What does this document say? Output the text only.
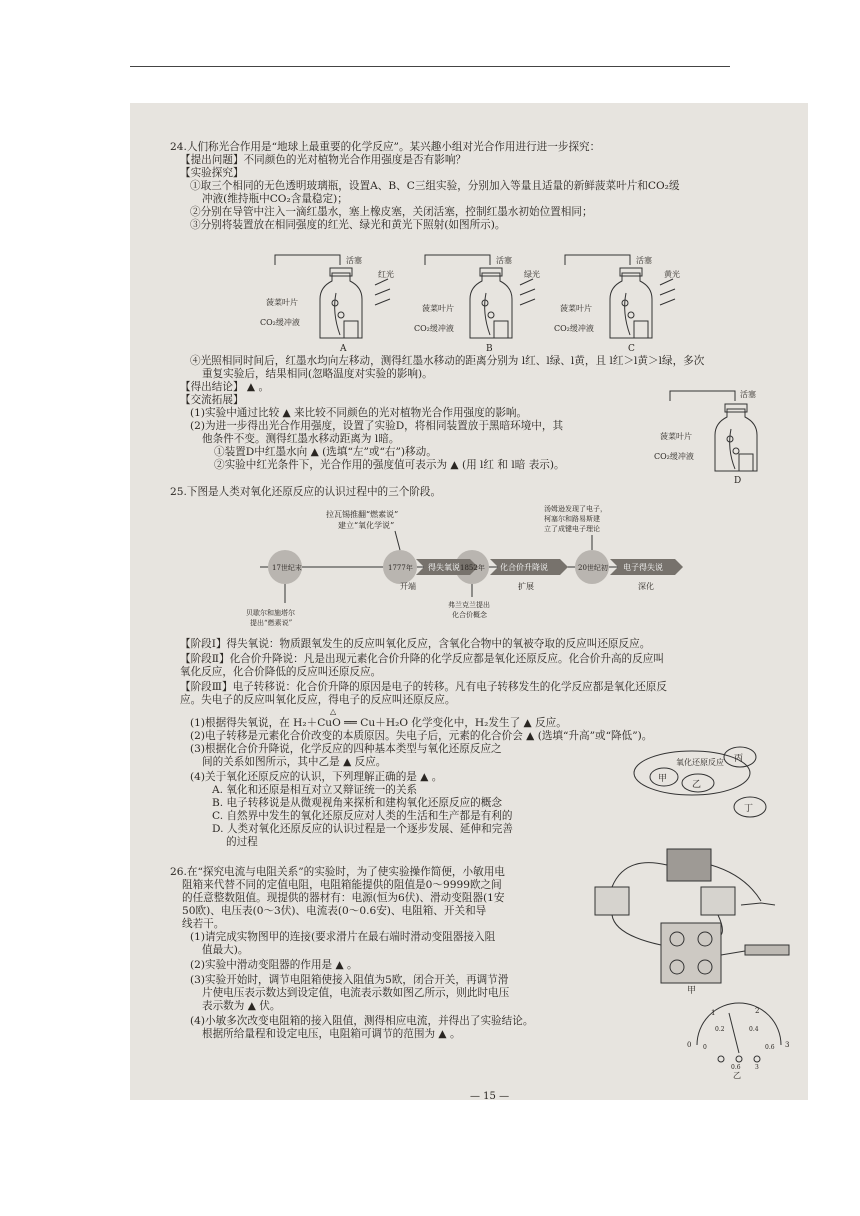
24.人们称光合作用是“地球上最重要的化学反应”。某兴趣小组对光合作用进行进一步探究：
【提出问题】不同颜色的光对植物光合作用强度是否有影响？
【实验探究】
①取三个相同的无色透明玻璃瓶，设置A、B、C三组实验，分别加入等量且适量的新鲜菠菜叶片和CO₂缓
冲液(维持瓶中CO₂含量稳定)；
②分别在导管中注入一滴红墨水，塞上橡皮塞，关闭活塞，控制红墨水初始位置相同；
③分别将装置放在相同强度的红光、绿光和黄光下照射(如图所示)。
活塞
红光
菠菜叶片
CO₂缓冲液
A
活塞
绿光
菠菜叶片
CO₂缓冲液
B
活塞
黄光
菠菜叶片
CO₂缓冲液
C
④光照相同时间后，红墨水均向左移动，测得红墨水移动的距离分别为 l红、l绿、l黄，且 l红＞l黄＞l绿，多次
重复实验后，结果相同(忽略温度对实验的影响)。
【得出结论】 ▲ 。
【交流拓展】
(1)实验中通过比较 ▲ 来比较不同颜色的光对植物光合作用强度的影响。
(2)为进一步得出光合作用强度，设置了实验D，将相同装置放于黑暗环境中，其
他条件不变。测得红墨水移动距离为 l暗。
①装置D中红墨水向 ▲ (选填“左”或“右”)移动。
②实验中红光条件下，光合作用的强度值可表示为 ▲ (用 l红 和 l暗 表示)。
活塞
菠菜叶片
CO₂缓冲液
D
25.下图是人类对氧化还原反应的认识过程中的三个阶段。
17世纪末	1777年	1852年	20世纪初
得失氧说	化合价升降说	电子得失说
开端	扩展	深化
拉瓦锡推翻“燃素说”
建立“氧化学说”
汤姆逊发现了电子，
柯塞尔和路易斯建
立了成键电子理论
贝歇尔和施塔尔
提出“燃素说”
弗兰克兰提出
化合价概念
【阶段Ⅰ】得失氧说：物质跟氧发生的反应叫氧化反应，含氧化合物中的氧被夺取的反应叫还原反应。
【阶段Ⅱ】化合价升降说：凡是出现元素化合价升降的化学反应都是氧化还原反应。化合价升高的反应叫
氧化反应，化合价降低的反应叫还原反应。
【阶段Ⅲ】电子转移说：化合价升降的原因是电子的转移。凡有电子转移发生的化学反应都是氧化还原反
应。失电子的反应叫氧化反应，得电子的反应叫还原反应。
△
(1)根据得失氧说，在 H₂＋CuO ══ Cu＋H₂O 化学变化中，H₂发生了 ▲ 反应。
(2)电子转移是元素化合价改变的本质原因。失电子后，元素的化合价会 ▲ (选填“升高”或“降低”)。
(3)根据化合价升降说，化学反应的四种基本类型与氧化还原反应之
间的关系如图所示，其中乙是 ▲ 反应。
(4)关于氧化还原反应的认识，下列理解正确的是 ▲ 。
A. 氧化和还原是相互对立又辩证统一的关系
B. 电子转移说是从微观视角来探析和建构氧化还原反应的概念
C. 自然界中发生的氧化还原反应对人类的生活和生产都是有利的
D. 人类对氧化还原反应的认识过程是一个逐步发展、延伸和完善
的过程
氧化还原反应
甲
乙
丙
丁
26.在“探究电流与电阻关系”的实验时，为了使实验操作简便，小敏用电
阻箱来代替不同的定值电阻，电阻箱能提供的阻值是0～9999欧之间
的任意整数阻值。现提供的器材有：电源(恒为6伏)、滑动变阻器(1安
50欧)、电压表(0～3伏)、电流表(0～0.6安)、电阻箱、开关和导
线若干。
(1)请完成实物图甲的连接(要求滑片在最右端时滑动变阻器接入阻
值最大)。
(2)实验中滑动变阻器的作用是 ▲ 。
(3)实验开始时，调节电阻箱使接入阻值为5欧，闭合开关，再调节滑
片使电压表示数达到设定值，电流表示数如图乙所示，则此时电压
表示数为 ▲ 伏。
(4)小敏多次改变电阻箱的接入阻值，测得相应电流，并得出了实验结论。
根据所给量程和设定电压，电阻箱可调节的范围为 ▲ 。
甲
0
1	2
3
0
0.2	0.4
0.6
0.6 3
乙
— 15 —
